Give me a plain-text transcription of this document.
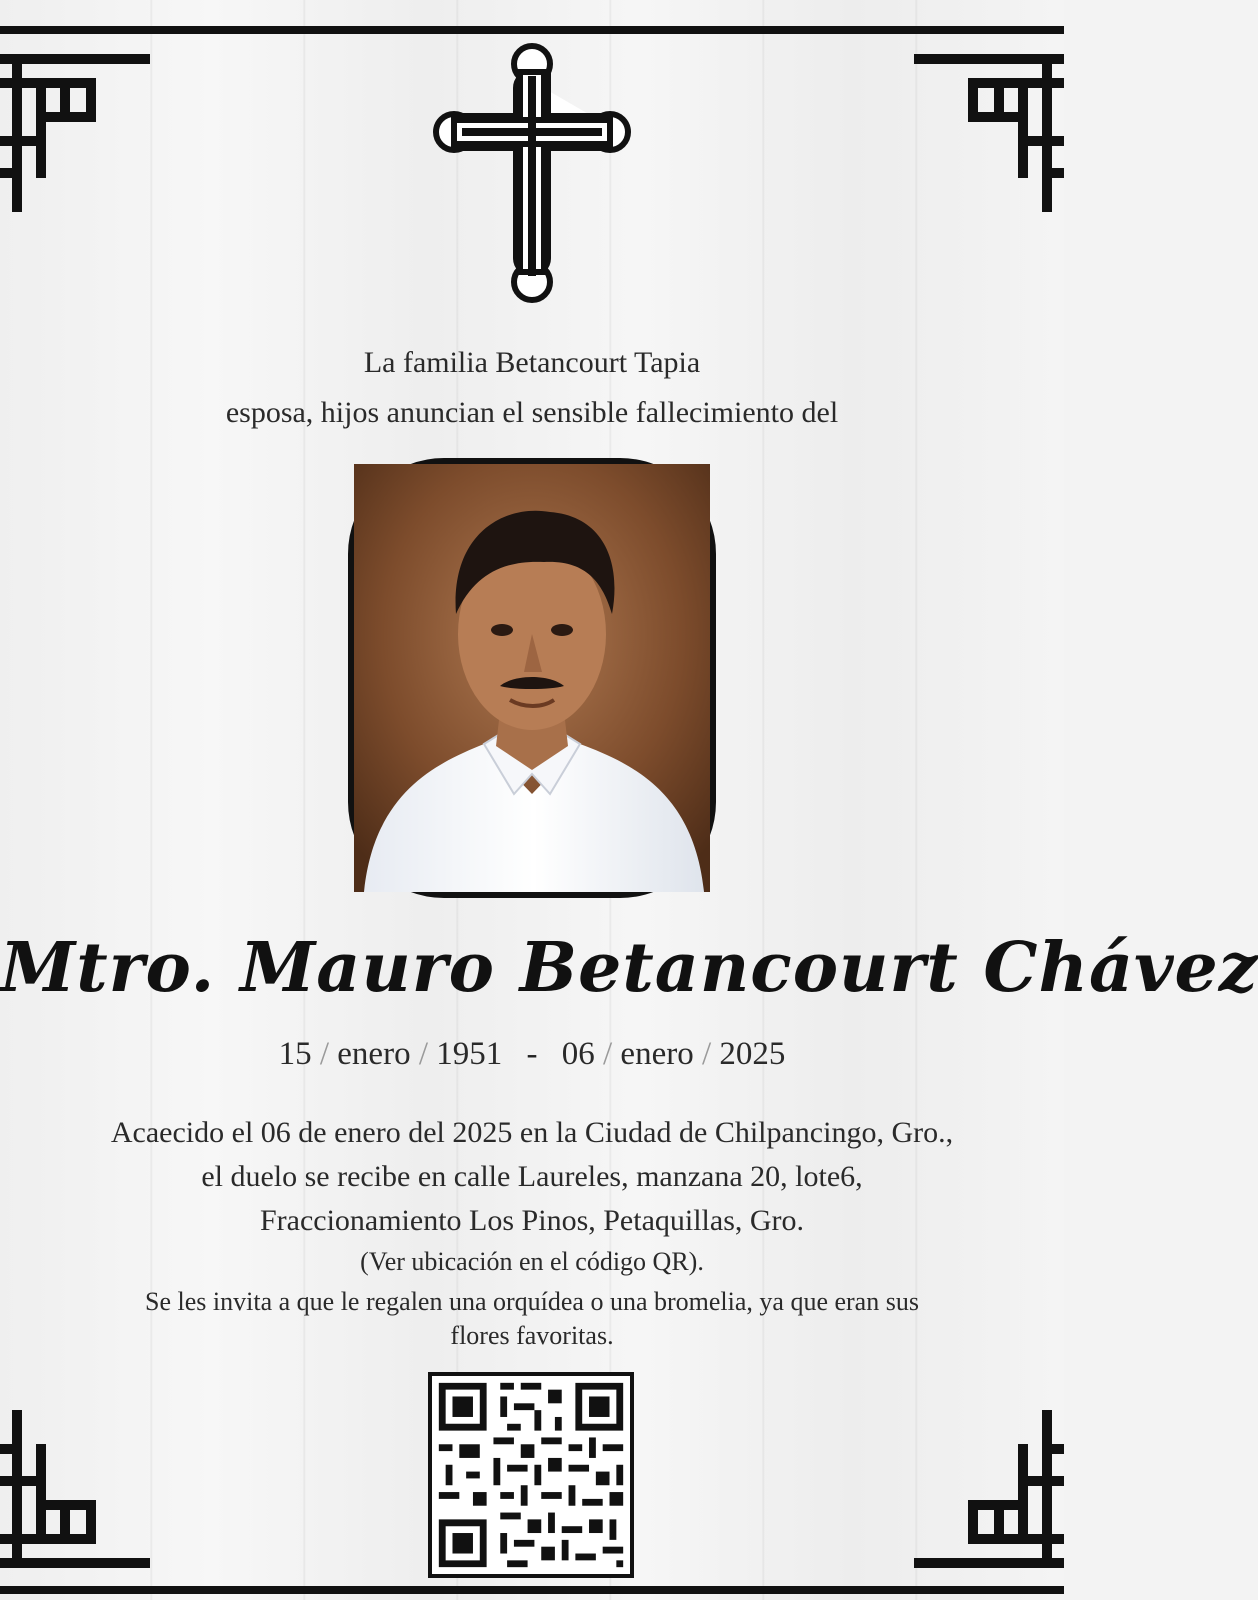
La familia Betancourt Tapia
esposa, hijos anuncian el sensible fallecimiento del
Mtro. Mauro Betancourt Chávez
15 / enero / 1951 - 06 / enero / 2025
Acaecido el 06 de enero del 2025 en la Ciudad de Chilpancingo, Gro.,
el duelo se recibe en calle Laureles, manzana 20, lote6,
Fraccionamiento Los Pinos, Petaquillas, Gro.
(Ver ubicación en el código QR).
Se les invita a que le regalen una orquídea o una bromelia, ya que eran sus
flores favoritas.
